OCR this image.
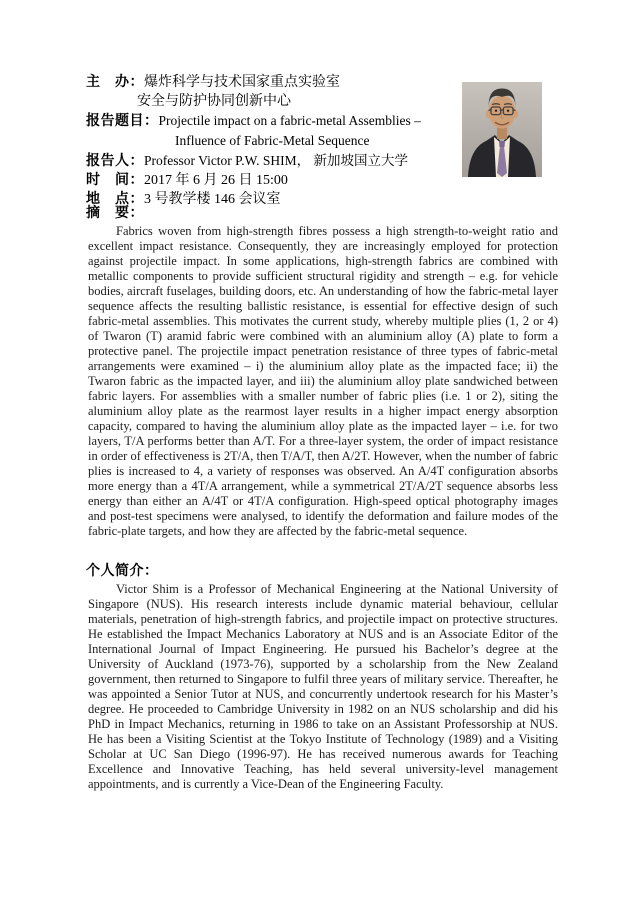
主　办：爆炸科学与技术国家重点实验室
安全与防护协同创新中心
报告题目：Projectile impact on a fabric-metal Assemblies –
Influence of Fabric-Metal Sequence
报告人：Professor Victor P.W. SHIM， 新加坡国立大学
时　间：2017 年 6 月 26 日 15:00
地　点：3 号教学楼 146 会议室
摘　要：
Fabrics woven from high-strength fibres possess a high strength-to-weight ratio and excellent impact resistance. Consequently, they are increasingly employed for protection against projectile impact. In some applications, high-strength fabrics are combined with metallic components to provide sufficient structural rigidity and strength – e.g. for vehicle bodies, aircraft fuselages, building doors, etc. An understanding of how the fabric-metal layer sequence affects the resulting ballistic resistance, is essential for effective design of such fabric-metal assemblies. This motivates the current study, whereby multiple plies (1, 2 or 4) of Twaron (T) aramid fabric were combined with an aluminium alloy (A) plate to form a protective panel. The projectile impact penetration resistance of three types of fabric-metal arrangements were examined – i) the aluminium alloy plate as the impacted face; ii) the Twaron fabric as the impacted layer, and iii) the aluminium alloy plate sandwiched between fabric layers. For assemblies with a smaller number of fabric plies (i.e. 1 or 2), siting the aluminium alloy plate as the rearmost layer results in a higher impact energy absorption capacity, compared to having the aluminium alloy plate as the impacted layer – i.e. for two layers, T/A performs better than A/T. For a three-layer system, the order of impact resistance in order of effectiveness is 2T/A, then T/A/T, then A/2T. However, when the number of fabric plies is increased to 4, a variety of responses was observed. An A/4T configuration absorbs more energy than a 4T/A arrangement, while a symmetrical 2T/A/2T sequence absorbs less energy than either an A/4T or 4T/A configuration. High-speed optical photography images and post-test specimens were analysed, to identify the deformation and failure modes of the fabric-plate targets, and how they are affected by the fabric-metal sequence.
个人简介：
Victor Shim is a Professor of Mechanical Engineering at the National University of Singapore (NUS). His research interests include dynamic material behaviour, cellular materials, penetration of high-strength fabrics, and projectile impact on protective structures. He established the Impact Mechanics Laboratory at NUS and is an Associate Editor of the International Journal of Impact Engineering. He pursued his Bachelor’s degree at the University of Auckland (1973-76), supported by a scholarship from the New Zealand government, then returned to Singapore to fulfil three years of military service. Thereafter, he was appointed a Senior Tutor at NUS, and concurrently undertook research for his Master’s degree. He proceeded to Cambridge University in 1982 on an NUS scholarship and did his PhD in Impact Mechanics, returning in 1986 to take on an Assistant Professorship at NUS. He has been a Visiting Scientist at the Tokyo Institute of Technology (1989) and a Visiting Scholar at UC San Diego (1996-97). He has received numerous awards for Teaching Excellence and Innovative Teaching, has held several university-level management appointments, and is currently a Vice-Dean of the Engineering Faculty.
